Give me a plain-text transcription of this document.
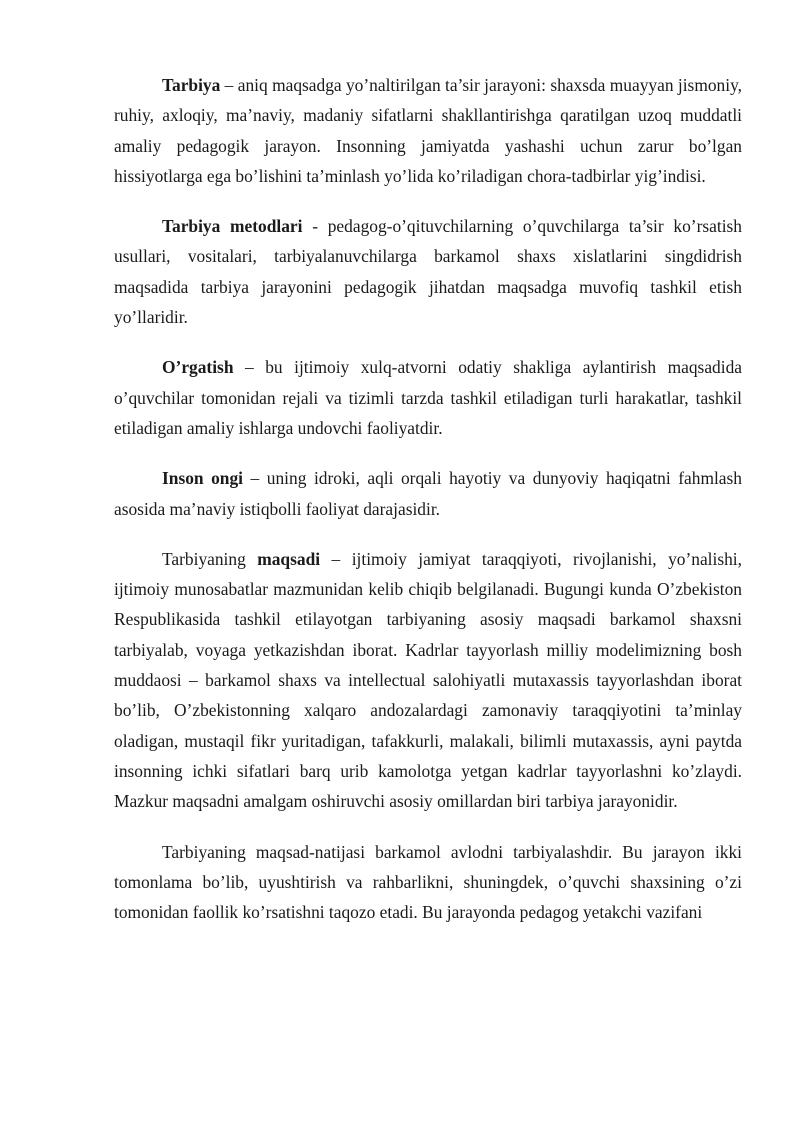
Tarbiya – aniq maqsadga yo’naltirilgan ta’sir jarayoni: shaxsda muayyan jismoniy, ruhiy, axloqiy, ma’naviy, madaniy sifatlarni shakllantirishga qaratilgan uzoq muddatli amaliy pedagogik jarayon. Insonning jamiyatda yashashi uchun zarur bo’lgan hissiyotlarga ega bo’lishini ta’minlash yo’lida ko’riladigan chora-tadbirlar yig’indisi.

Tarbiya metodlari - pedagog-o’qituvchilarning o’quvchilarga ta’sir ko’rsatish usullari, vositalari, tarbiyalanuvchilarga barkamol shaxs xislatlarini singdidrish maqsadida tarbiya jarayonini pedagogik jihatdan maqsadga muvofiq tashkil etish yo’llaridir.

O’rgatish – bu ijtimoiy xulq-atvorni odatiy shakliga aylantirish maqsadida o’quvchilar tomonidan rejali va tizimli tarzda tashkil etiladigan turli harakatlar, tashkil etiladigan amaliy ishlarga undovchi faoliyatdir.

Inson ongi – uning idroki, aqli orqali hayotiy va dunyoviy haqiqatni fahmlash asosida ma’naviy istiqbolli faoliyat darajasidir.

Tarbiyaning maqsadi – ijtimoiy jamiyat taraqqiyoti, rivojlanishi, yo’nalishi, ijtimoiy munosabatlar mazmunidan kelib chiqib belgilanadi. Bugungi kunda O’zbekiston Respublikasida tashkil etilayotgan tarbiyaning asosiy maqsadi barkamol shaxsni tarbiyalab, voyaga yetkazishdan iborat. Kadrlar tayyorlash milliy modelimizning bosh muddaosi – barkamol shaxs va intellectual salohiyatli mutaxassis tayyorlashdan iborat bo’lib, O’zbekistonning xalqaro andozalardagi zamonaviy taraqqiyotini ta’minlay oladigan, mustaqil fikr yuritadigan, tafakkurli, malakali, bilimli mutaxassis, ayni paytda insonning ichki sifatlari barq urib kamolotga yetgan kadrlar tayyorlashni ko’zlaydi. Mazkur maqsadni amalgam oshiruvchi asosiy omillardan biri tarbiya jarayonidir.

Tarbiyaning maqsad-natijasi barkamol avlodni tarbiyalashdir. Bu jarayon ikki tomonlama bo’lib, uyushtirish va rahbarlikni, shuningdek, o’quvchi shaxsining o’zi tomonidan faollik ko’rsatishni taqozo etadi. Bu jarayonda pedagog yetakchi vazifani
